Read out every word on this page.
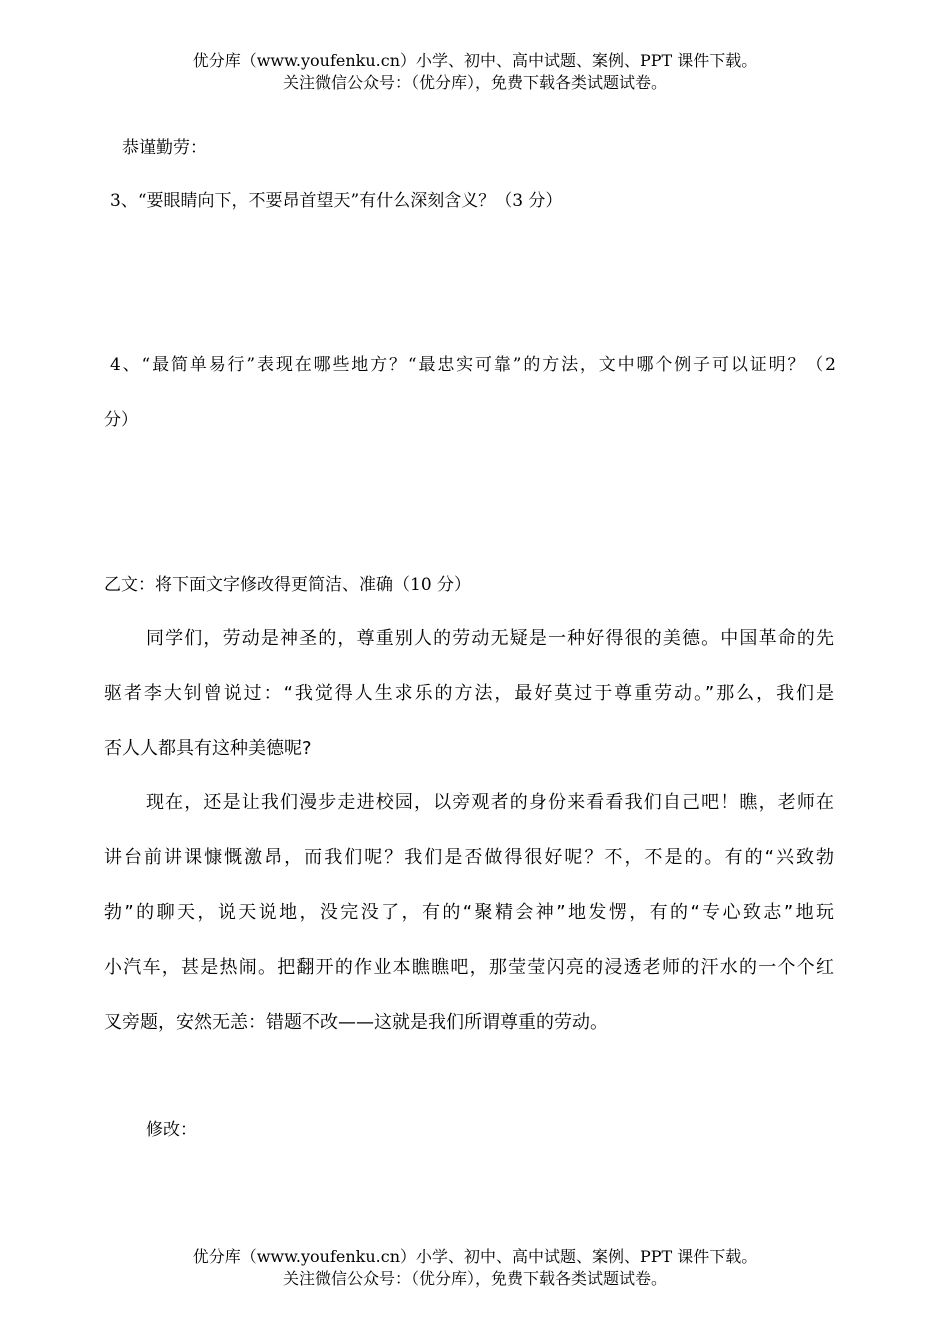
优分库（www.youfenku.cn）小学、初中、高中试题、案例、PPT 课件下载。
关注微信公众号：（优分库），免费下载各类试题试卷。
恭谨勤劳：
3、“要眼睛向下，不要昂首望天”有什么深刻含义？（3 分）
4、“最简单易行”表现在哪些地方？“最忠实可靠”的方法，文中哪个例子可以证明？（2
分）
乙文：将下面文字修改得更简洁、准确（10 分）
同学们，劳动是神圣的，尊重别人的劳动无疑是一种好得很的美德。中国革命的先
驱者李大钊曾说过：“我觉得人生求乐的方法，最好莫过于尊重劳动。”那么，我们是
否人人都具有这种美德呢?
现在，还是让我们漫步走进校园，以旁观者的身份来看看我们自己吧！瞧，老师在
讲台前讲课慷慨激昂，而我们呢？我们是否做得很好呢？不，不是的。有的“兴致勃
勃”的聊天，说天说地，没完没了，有的“聚精会神”地发愣，有的“专心致志”地玩
小汽车，甚是热闹。把翻开的作业本瞧瞧吧，那莹莹闪亮的浸透老师的汗水的一个个红
叉旁题，安然无恙：错题不改——这就是我们所谓尊重的劳动。
修改：
优分库（www.youfenku.cn）小学、初中、高中试题、案例、PPT 课件下载。
关注微信公众号：（优分库），免费下载各类试题试卷。
